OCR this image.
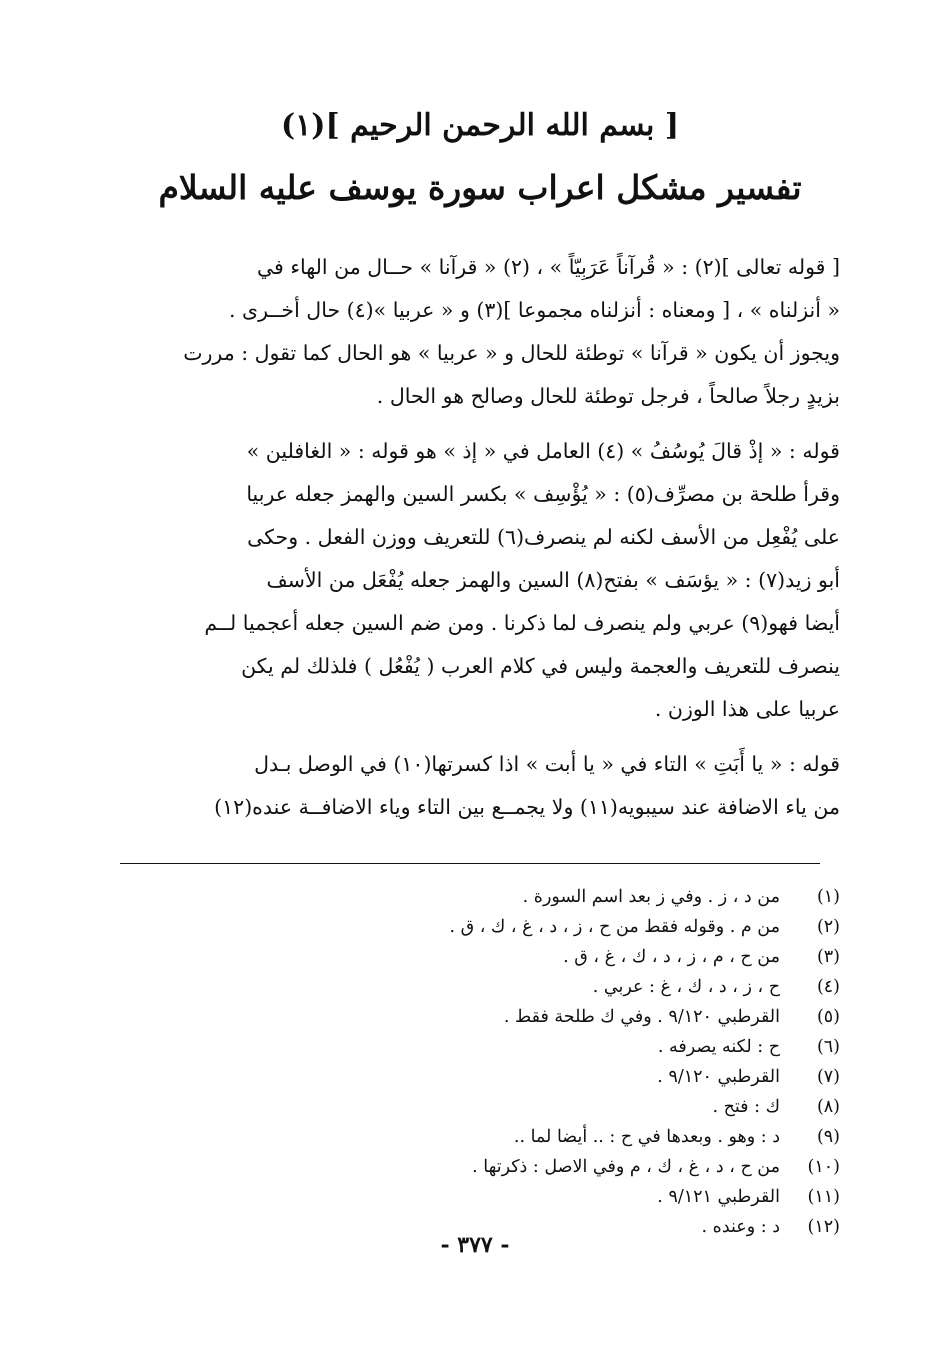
[ بسم الله الرحمن الرحيم ](١)

تفسير مشكل اعراب سورة يوسف عليه السلام

[ قوله تعالى ](٢) : « قُرآناً عَرَبِيّاً » ، (٢) « قرآنا » حــال من الهاء في
« أنزلناه » ، [ ومعناه : أنزلناه مجموعا ](٣) و « عربيا »(٤) حال أخــرى .
ويجوز أن يكون « قرآنا » توطئة للحال و « عربيا » هو الحال كما تقول : مررت
بزيدٍ رجلاً صالحاً ، فرجل توطئة للحال وصالح هو الحال .

قوله : « إذْ قالَ يُوسُفُ » (٤) العامل في « إذ » هو قوله : « الغافلين »
وقرأ طلحة بن مصرِّف(٥) : « يُؤْسِف » بكسر السين والهمز جعله عربيا
على يُفْعِل من الأسف لكنه لم ينصرف(٦) للتعريف ووزن الفعل . وحكى
أبو زيد(٧) : « يؤسَف » بفتح(٨) السين والهمز جعله يُفْعَل من الأسف
أيضا فهو(٩) عربي ولم ينصرف لما ذكرنا . ومن ضم السين جعله أعجميا لــم
ينصرف للتعريف والعجمة وليس في كلام العرب ( يُفْعُل ) فلذلك لم يكن
عربيا على هذا الوزن .

قوله : « يا أَبَتِ » التاء في « يا أبت » اذا كسرتها(١٠) في الوصل بـدل
من ياء الاضافة عند سيبويه(١١) ولا يجمــع بين التاء وياء الاضافــة عنده(١٢)

(١)
من د ، ز . وفي ز بعد اسم السورة .
(٢)
من م . وقوله فقط من ح ، ز ، د ، غ ، ك ، ق .
(٣)
من ح ، م ، ز ، د ، ك ، غ ، ق .
(٤)
ح ، ز ، د ، ك ، غ : عربي .
(٥)
القرطبي ٩/١٢٠ . وفي ك طلحة فقط .
(٦)
ح : لكنه يصرفه .
(٧)
القرطبي ٩/١٢٠ .
(٨)
ك : فتح .
(٩)
د : وهو . وبعدها في ح : .. أيضا لما ..
(١٠)
من ح ، د ، غ ، ك ، م وفي الاصل : ذكرتها .
(١١)
القرطبي ٩/١٢١ .
(١٢)
د : وعنده .
- ٣٧٧ -
